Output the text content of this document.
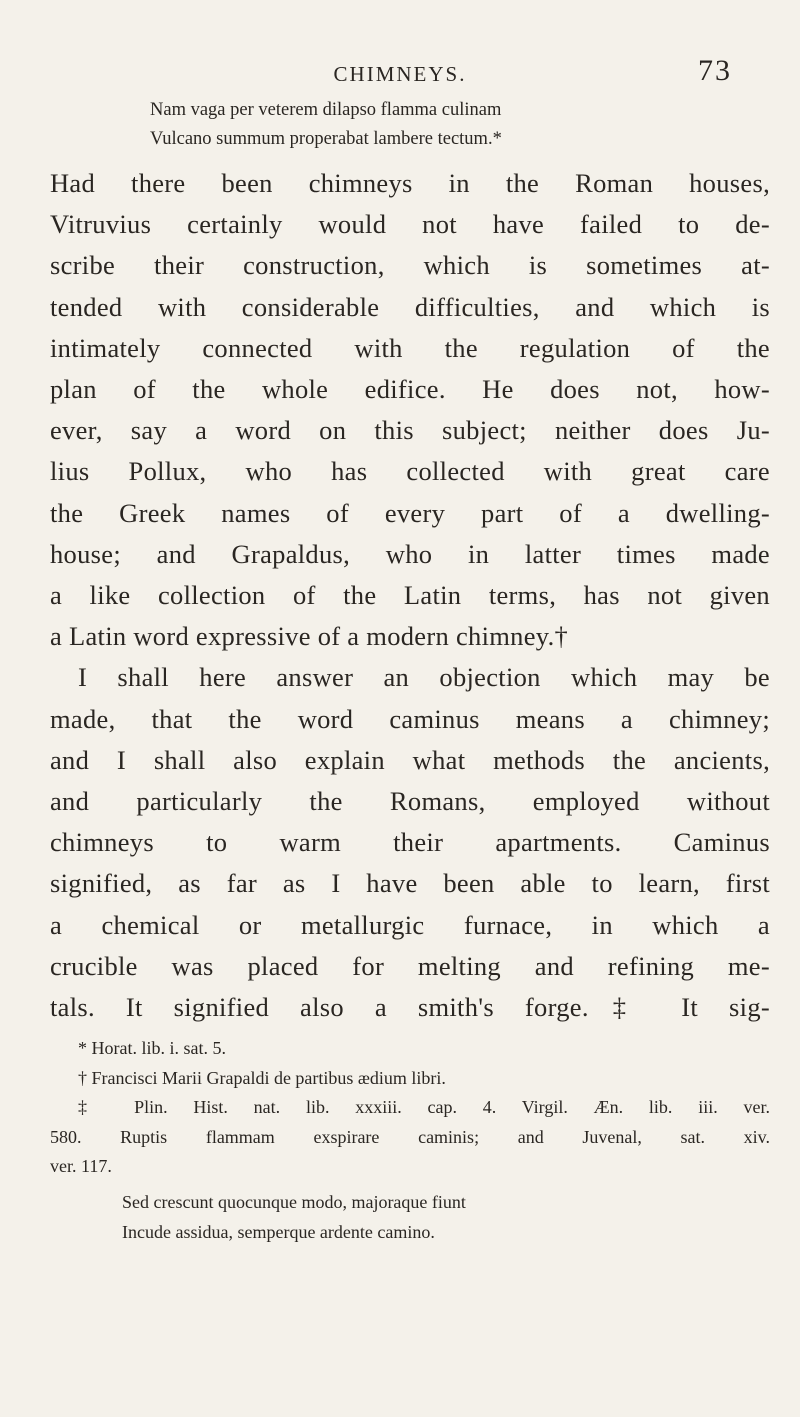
CHIMNEYS.	73
Nam vaga per veterem dilapso flamma culinam
Vulcano summum properabat lambere tectum.*
Had there been chimneys in the Roman houses,
Vitruvius certainly would not have failed to de-
scribe their construction, which is sometimes at-
tended with considerable difficulties, and which is
intimately connected with the regulation of the
plan of the whole edifice. He does not, how-
ever, say a word on this subject; neither does Ju-
lius Pollux, who has collected with great care
the Greek names of every part of a dwelling-
house; and Grapaldus, who in latter times made
a like collection of the Latin terms, has not given
a Latin word expressive of a modern chimney.†
I shall here answer an objection which may be
made, that the word caminus means a chimney;
and I shall also explain what methods the ancients,
and particularly the Romans, employed without
chimneys to warm their apartments. Caminus
signified, as far as I have been able to learn, first
a chemical or metallurgic furnace, in which a
crucible was placed for melting and refining me-
tals. It signified also a smith's forge.‡ It sig-
* Horat. lib. i. sat. 5.
† Francisci Marii Grapaldi de partibus ædium libri.
‡ Plin. Hist. nat. lib. xxxiii. cap. 4. Virgil. Æn. lib. iii. ver.
580. Ruptis flammam exspirare caminis; and Juvenal, sat. xiv.
ver. 117.
Sed crescunt quocunque modo, majoraque fiunt
Incude assidua, semperque ardente camino.
